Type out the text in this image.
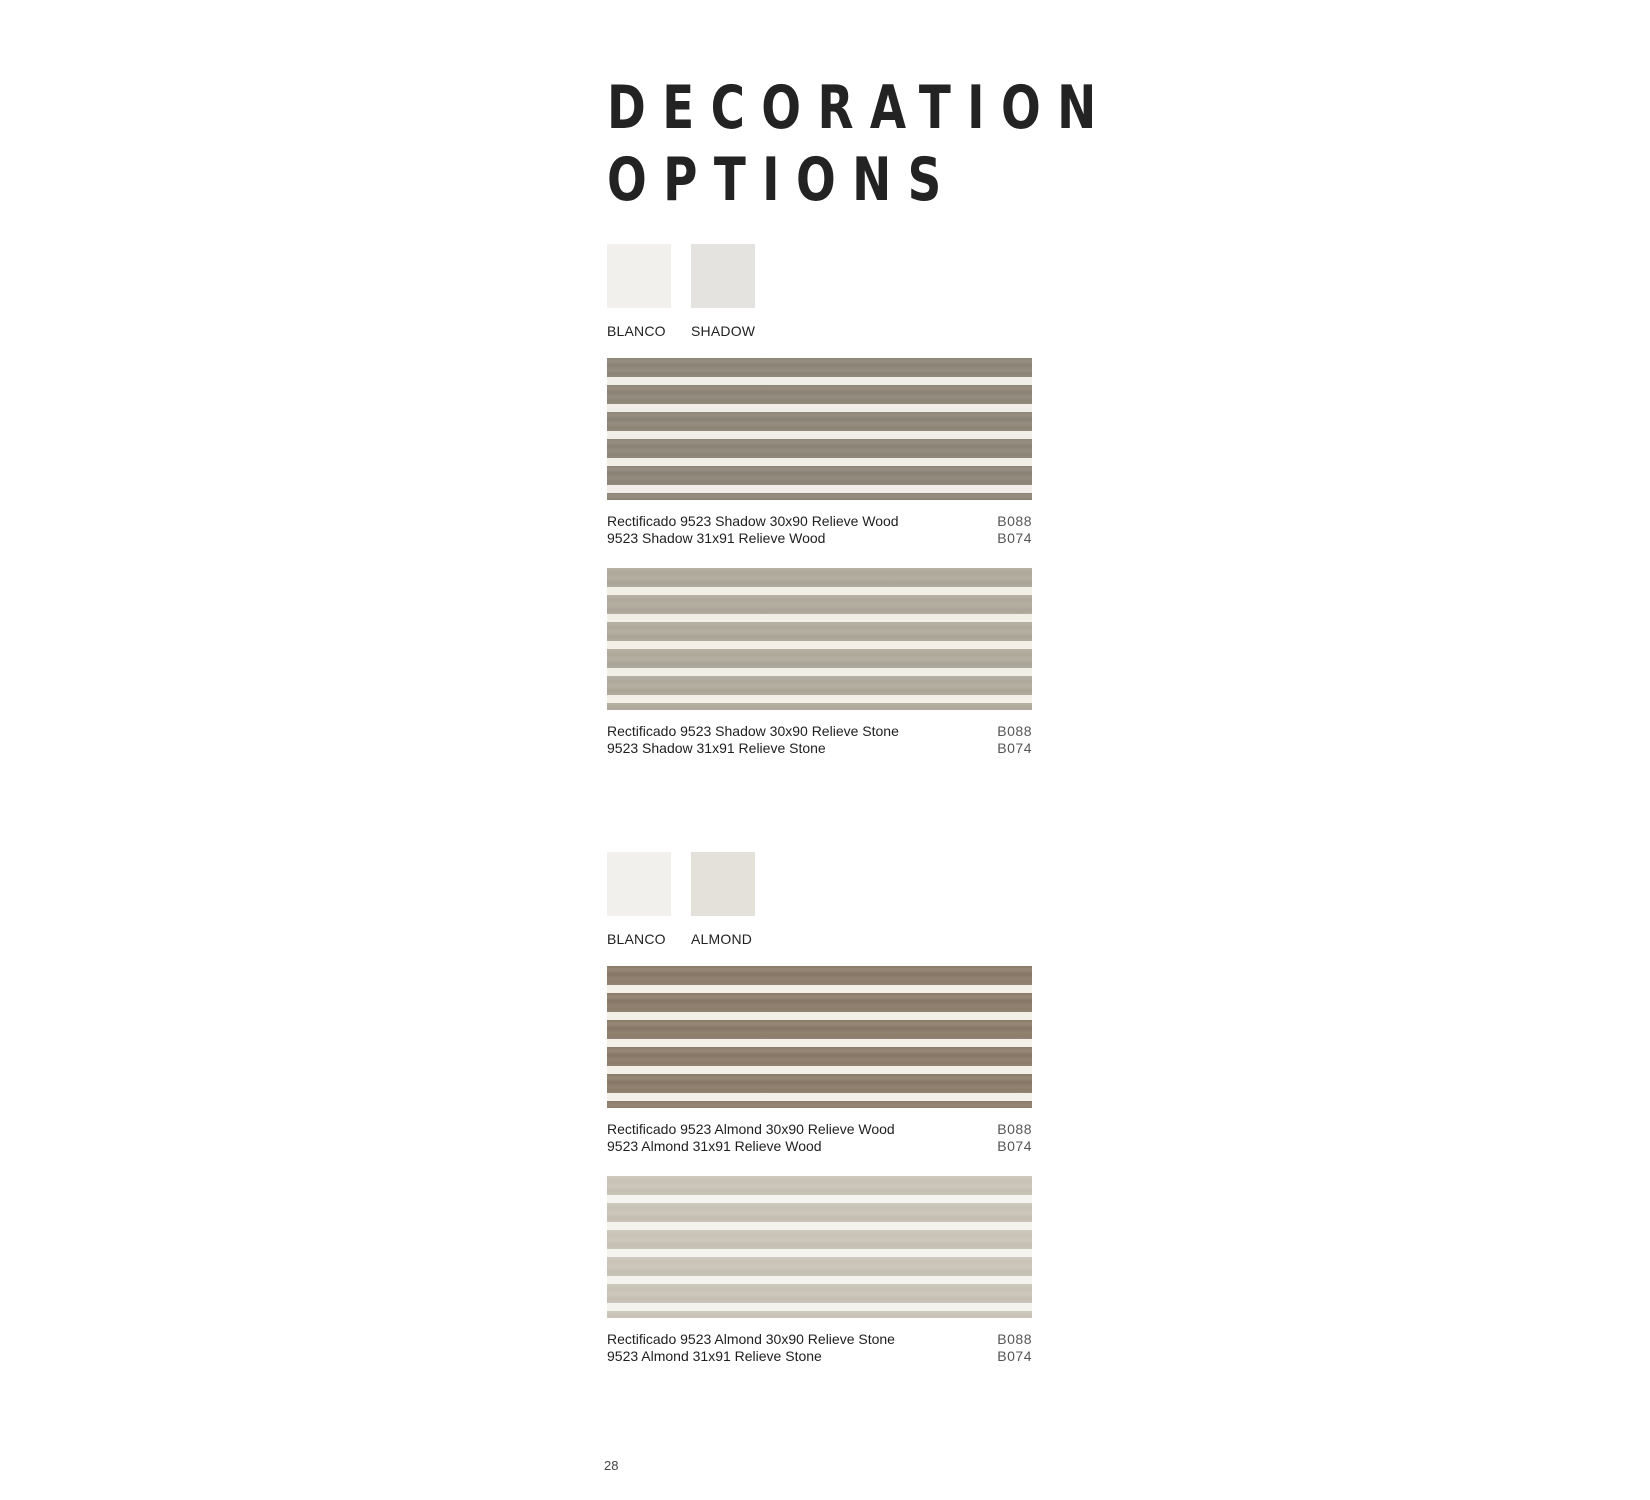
DECORATION
OPTIONS
BLANCO SHADOW
Rectificado 9523 Shadow 30x90 Relieve Wood	B088
9523 Shadow 31x91 Relieve Wood	B074
Rectificado 9523 Shadow 30x90 Relieve Stone	B088
9523 Shadow 31x91 Relieve Stone	B074
BLANCO ALMOND
Rectificado 9523 Almond 30x90 Relieve Wood	B088
9523 Almond 31x91 Relieve Wood	B074
Rectificado 9523 Almond 30x90 Relieve Stone	B088
9523 Almond 31x91 Relieve Stone	B074
28
